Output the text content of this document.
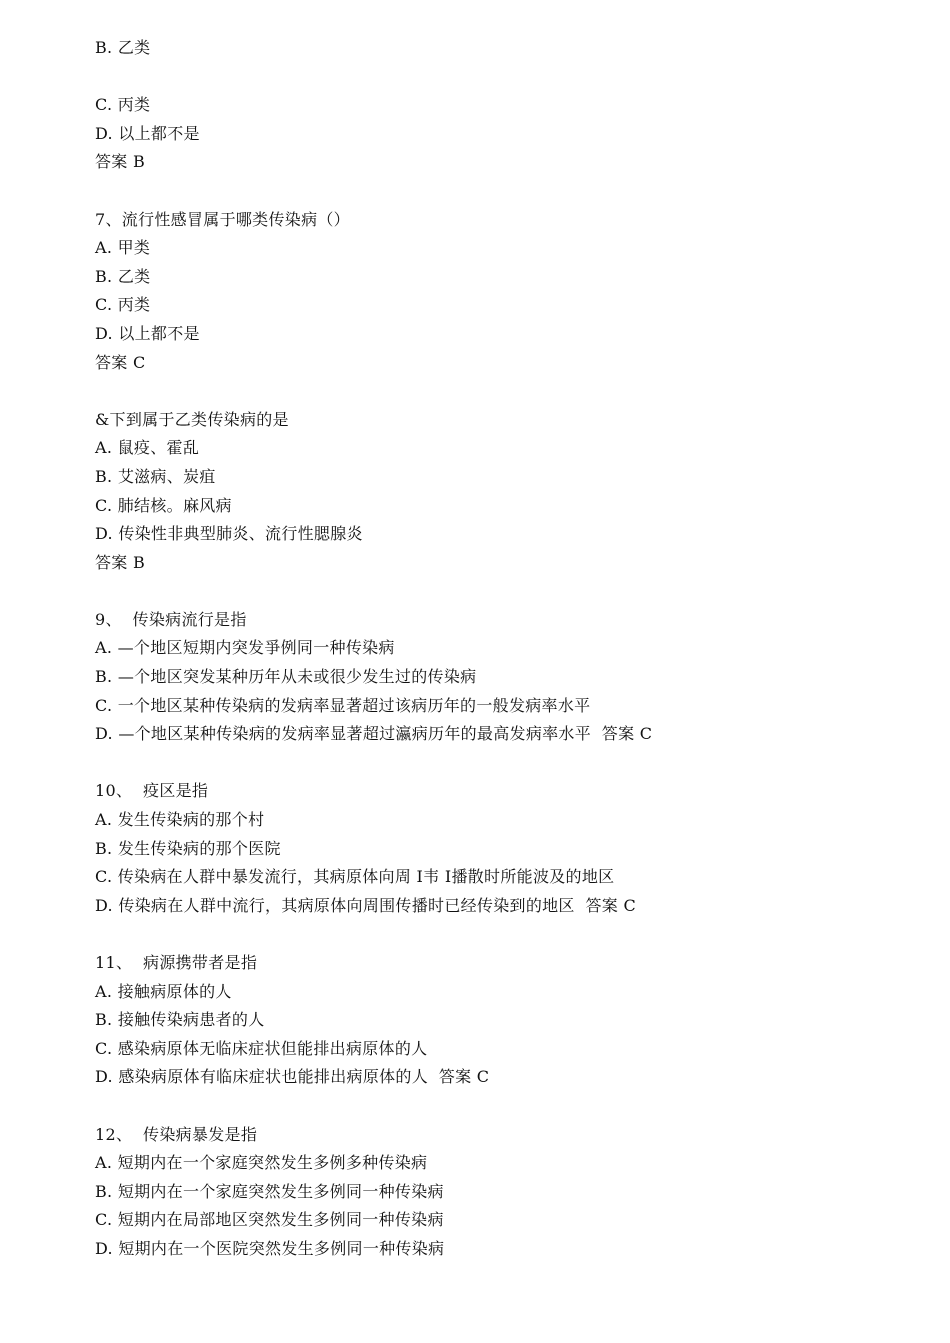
B. 乙类
C. 丙类
D. 以上都不是
答案 B
7、流行性感冒属于哪类传染病（）
A. 甲类
B. 乙类
C. 丙类
D. 以上都不是
答案 C
&下到属于乙类传染病的是
A. 鼠疫、霍乱
B. 艾滋病、炭疽
C. 肺结核。麻风病
D. 传染性非典型肺炎、流行性腮腺炎
答案 B
9、  传染病流行是指
A. —个地区短期内突发爭例同一种传染病
B. —个地区突发某种历年从未或很少发生过的传染病
C. 一个地区某种传染病的发病率显著超过该病历年的一般发病率水平
D. —个地区某种传染病的发病率显著超过瀛病历年的最高发病率水平  答案 C
10、  疫区是指
A. 发生传染病的那个村
B. 发生传染病的那个医院
C. 传染病在人群中暴发流行，其病原体向周 I韦 I播散时所能波及的地区
D. 传染病在人群中流行，其病原体向周围传播时已经传染到的地区  答案 C
11、  病源携带者是指
A. 接触病原体的人
B. 接触传染病患者的人
C. 感染病原体无临床症状但能排出病原体的人
D. 感染病原体有临床症状也能排出病原体的人  答案 C
12、  传染病暴发是指
A. 短期内在一个家庭突然发生多例多种传染病
B. 短期内在一个家庭突然发生多例同一种传染病
C. 短期内在局部地区突然发生多例同一种传染病
D. 短期内在一个医院突然发生多例同一种传染病
